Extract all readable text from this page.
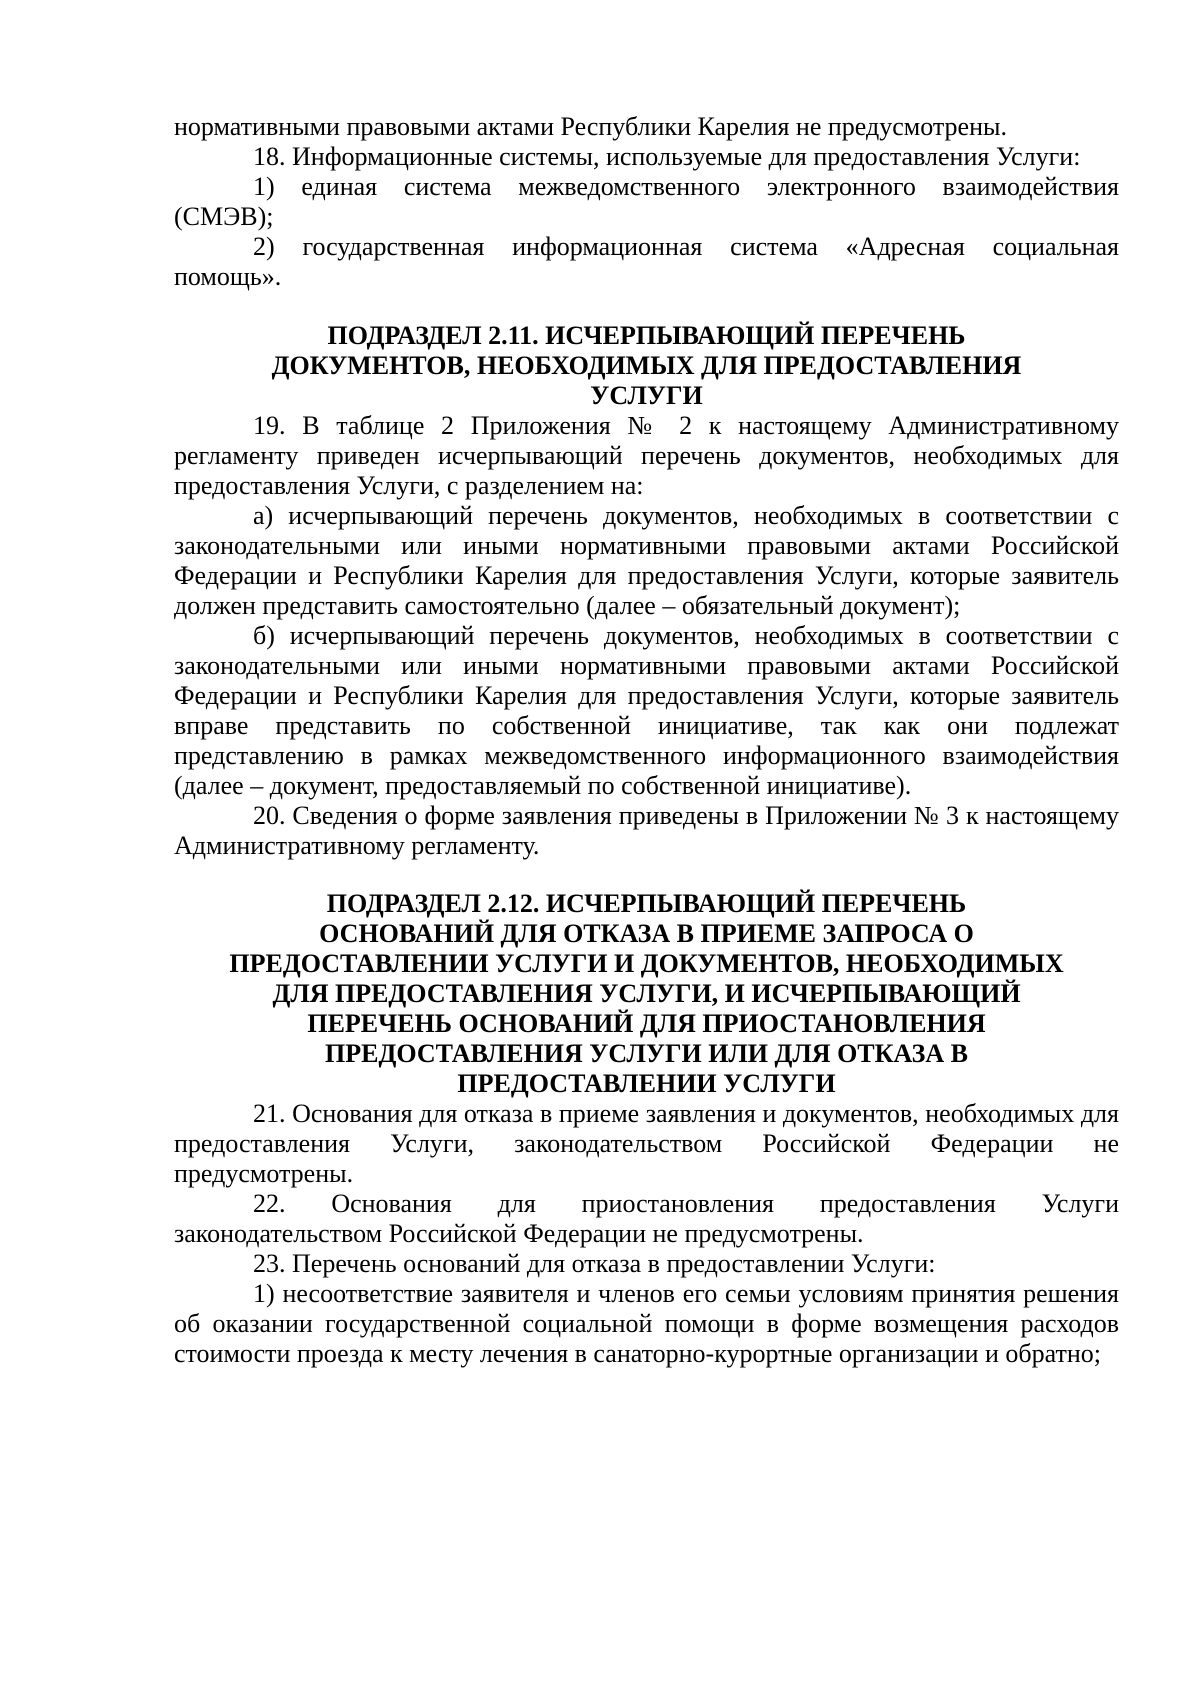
нормативными правовыми актами Республики Карелия не предусмотрены.

18. Информационные системы, используемые для предоставления Услуги:

1) единая система межведомственного электронного взаимодействия (СМЭВ);

2) государственная информационная система «Адресная социальная помощь».

ПОДРАЗДЕЛ 2.11. ИСЧЕРПЫВАЮЩИЙ ПЕРЕЧЕНЬ
ДОКУМЕНТОВ, НЕОБХОДИМЫХ ДЛЯ ПРЕДОСТАВЛЕНИЯ
УСЛУГИ

19. В таблице 2 Приложения № 2 к настоящему Административному регламенту приведен исчерпывающий перечень документов, необходимых для предоставления Услуги, с разделением на:

а) исчерпывающий перечень документов, необходимых в соответствии с законодательными или иными нормативными правовыми актами Российской Федерации и Республики Карелия для предоставления Услуги, которые заявитель должен представить самостоятельно (далее – обязательный документ);

б) исчерпывающий перечень документов, необходимых в соответствии с законодательными или иными нормативными правовыми актами Российской Федерации и Республики Карелия для предоставления Услуги, которые заявитель вправе представить по собственной инициативе, так как они подлежат представлению в рамках межведомственного информационного взаимодействия (далее – документ, предоставляемый по собственной инициативе).

20. Сведения о форме заявления приведены в Приложении № 3 к настоящему Административному регламенту.

ПОДРАЗДЕЛ 2.12. ИСЧЕРПЫВАЮЩИЙ ПЕРЕЧЕНЬ
ОСНОВАНИЙ ДЛЯ ОТКАЗА В ПРИЕМЕ ЗАПРОСА О
ПРЕДОСТАВЛЕНИИ УСЛУГИ И ДОКУМЕНТОВ, НЕОБХОДИМЫХ
ДЛЯ ПРЕДОСТАВЛЕНИЯ УСЛУГИ, И ИСЧЕРПЫВАЮЩИЙ
ПЕРЕЧЕНЬ ОСНОВАНИЙ ДЛЯ ПРИОСТАНОВЛЕНИЯ
ПРЕДОСТАВЛЕНИЯ УСЛУГИ ИЛИ ДЛЯ ОТКАЗА В
ПРЕДОСТАВЛЕНИИ УСЛУГИ

21. Основания для отказа в приеме заявления и документов, необходимых для предоставления Услуги, законодательством Российской Федерации не предусмотрены.

22. Основания для приостановления предоставления Услуги законодательством Российской Федерации не предусмотрены.

23. Перечень оснований для отказа в предоставлении Услуги:

1) несоответствие заявителя и членов его семьи условиям принятия решения об оказании государственной социальной помощи в форме возмещения расходов стоимости проезда к месту лечения в санаторно-курортные организации и обратно;
